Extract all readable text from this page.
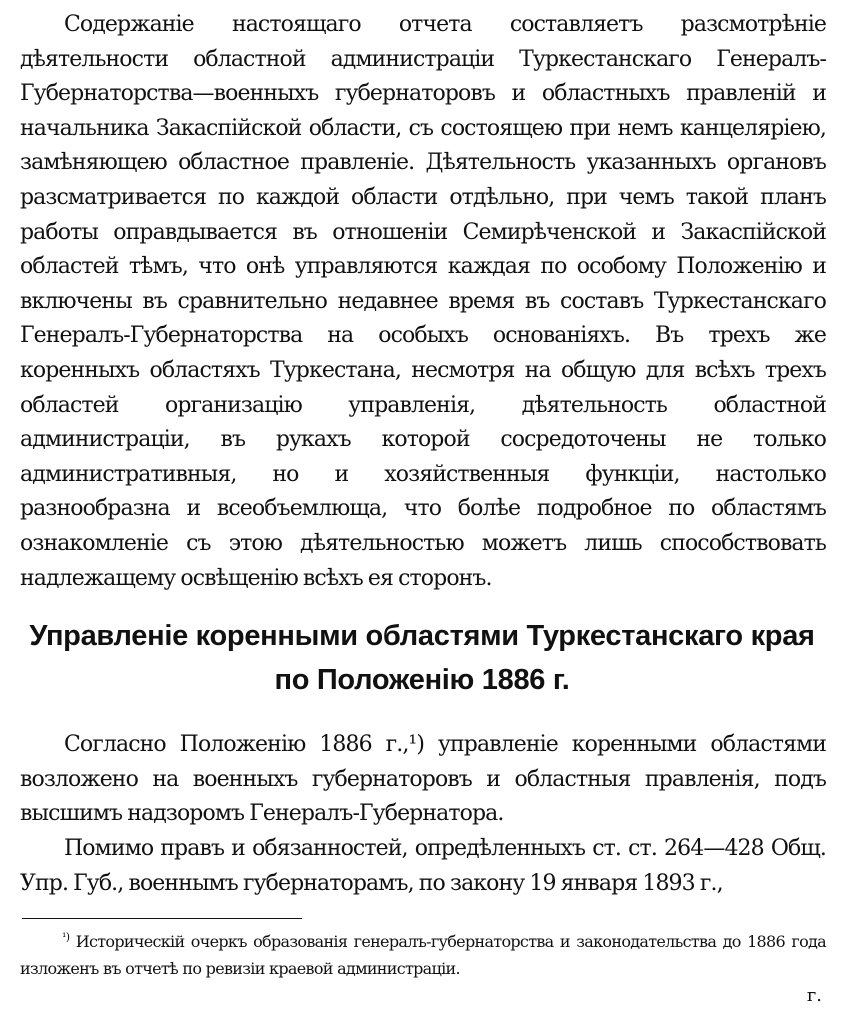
Содержаніе настоящаго отчета составляетъ разсмотрѣніе дѣятельности областной администраціи Туркестанскаго Генералъ-Губернаторства—военныхъ губернаторовъ и областныхъ правленій и начальника Закаспійской области, съ состоящею при немъ канцеляріею, замѣняющею областное правленіе. Дѣятельность указанныхъ органовъ разсматривается по каждой области отдѣльно, при чемъ такой планъ работы оправдывается въ отношеніи Семирѣченской и Закаспійской областей тѣмъ, что онѣ управляются каждая по особому Положенію и включены въ сравнительно недавнее время въ составъ Туркестанскаго Генералъ-Губернаторства на особыхъ основаніяхъ. Въ трехъ же коренныхъ областяхъ Туркестана, несмотря на общую для всѣхъ трехъ областей организацію управленія, дѣятельность областной администраціи, въ рукахъ которой сосредоточены не только административныя, но и хозяйственныя функціи, настолько разнообразна и всеобъемлюща, что болѣе подробное по областямъ ознакомленіе съ этою дѣятельностью можетъ лишь способствовать надлежащему освѣщенію всѣхъ ея сторонъ.

Управленіе коренными областями Туркестанскаго края по Положенію 1886 г.

Согласно Положенію 1886 г.,¹) управленіе коренными областями возложено на военныхъ губернаторовъ и областныя правленія, подъ высшимъ надзоромъ Генералъ-Губернатора.

Помимо правъ и обязанностей, опредѣленныхъ ст. ст. 264—428 Общ. Упр. Губ., военнымъ губернаторамъ, по закону 19 января 1893 г.,

$^{^1)}$ Историческій очеркъ образованія генералъ-губернаторства и законодательства до 1886 года изложенъ въ отчетѣ по ревизіи краевой администраціи.

г.
